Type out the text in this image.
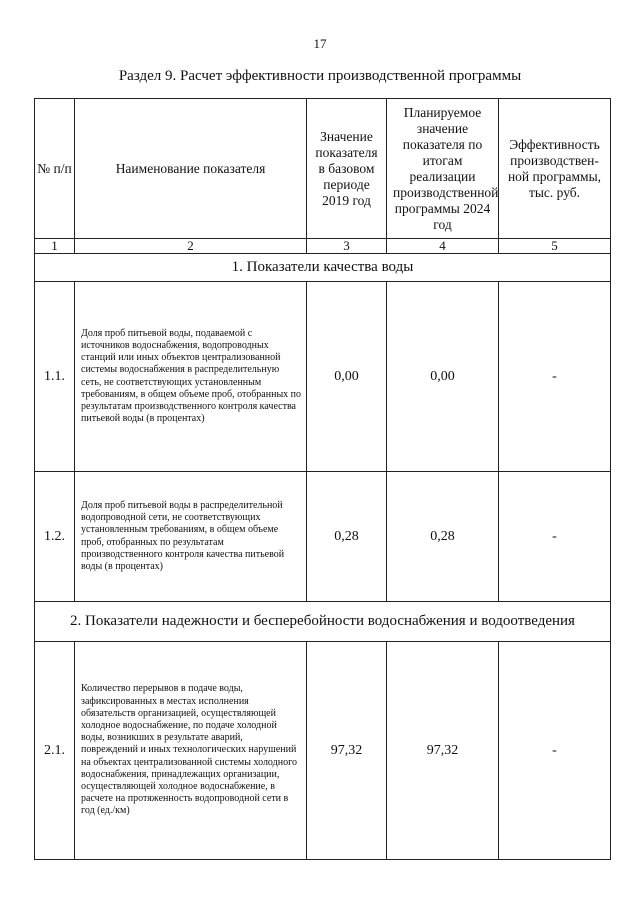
17
Раздел 9. Расчет эффективности производственной программы
№ п/п	Наименование показателя	Значение показателя в базовом периоде 2019 год	Планируемое значение показателя по итогам реализации производственной программы 2024 год	Эффективность производствен-ной программы, тыс. руб.
1	2	3	4	5
1. Показатели качества воды				
1.1.	Доля проб питьевой воды, подаваемой с источников водоснабжения, водопроводных станций или иных объектов централизованной системы водоснабжения в распределительную сеть, не соответствующих установленным требованиям, в общем объеме проб, отобранных по результатам производственного контроля качества питьевой воды (в процентах)	0,00	0,00	-
1.2.	Доля проб питьевой воды в распределительной водопроводной сети, не соответствующих установленным требованиям, в общем объеме проб, отобранных по результатам производственного контроля качества питьевой воды (в процентах)	0,28	0,28	-
2. Показатели надежности и бесперебойности водоснабжения и водоотведения				
2.1.	Количество перерывов в подаче воды, зафиксированных в местах исполнения обязательств организацией, осуществляющей холодное водоснабжение, по подаче холодной воды, возникших в результате аварий, повреждений и иных технологических нарушений на объектах централизованной системы холодного водоснабжения, принадлежащих организации, осуществляющей холодное водоснабжение, в расчете на протяженность водопроводной сети в год (ед./км)	97,32	97,32	-
